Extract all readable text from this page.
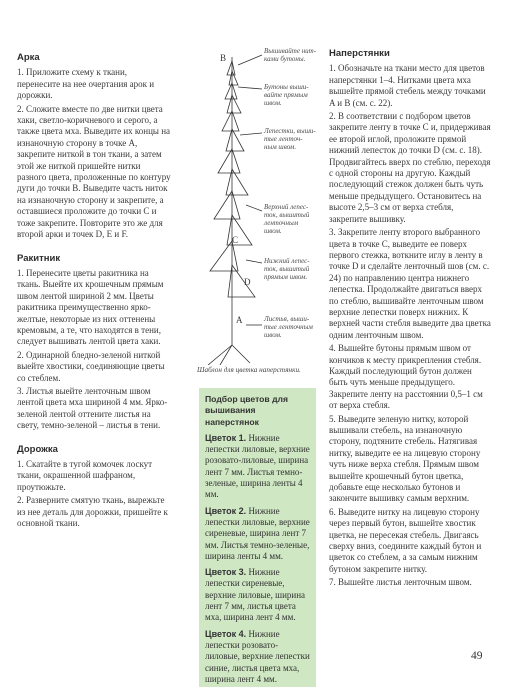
Арка

1. Приложите схему к ткани, перенесите на нее очертания арок и дорожки.

2. Сложите вместе по две нитки цвета хаки, светло-коричневого и серого, а также цвета мха. Выведите их концы на изнаночную сторону в точке A, закрепите ниткой в тон ткани, а затем этой же ниткой пришейте нитки разного цвета, проложенные по контуру дуги до точки B. Выведите часть ниток на изнаночную сторону и закрепите, а оставшиеся проложите до точки C и тоже закрепите. Повторите это же для второй арки и точек D, E и F.

Ракитник

1. Перенесите цветы ракитника на ткань. Выейте их крошечным прямым швом лентой шириной 2 мм. Цветы ракитника преимущественно ярко-желтые, некоторые из них оттенены кремовым, а те, что находятся в тени, следует вышивать лентой цвета хаки.

2. Одинарной бледно-зеленой ниткой выейте хвостики, соединяющие цветы со стеблем.

3. Листья выейте ленточным швом лентой цвета мха шириной 4 мм. Ярко-зеленой лентой оттените листья на свету, темно-зеленой – листья в тени.

Дорожка

1. Скатайте в тугой комочек лоскут ткани, окрашенной шафраном, проутюжьте.

2. Разверните смятую ткань, вырежьте из нее деталь для дорожки, пришейте к основной ткани.

B
C
D
A
Вышивайте нит-
ками бутоны.
Бутоны выши-
вайте прямым
швом.
Лепестки, выши-
тые ленточ-
ным швом.
Верхний лепес-
ток, вышитый
ленточным
швом.
Нижний лепес-
ток, вышитый
прямым швом.
Листья, выши-
тые ленточным
швом.
Шаблон для цветка наперстянки.
Подбор цветов для вышивания наперстянок
Цветок 1. Нижние лепестки лиловые, верхние розовато-лиловые, ширина лент 7 мм. Листья темно-зеленые, ширина ленты 4 мм.
Цветок 2. Нижние лепестки лиловые, верхние сиреневые, ширина лент 7 мм. Листья темно-зеленые, ширина ленты 4 мм.
Цветок 3. Нижние лепестки сиреневые, верхние лиловые, ширина лент 7 мм, листья цвета мха, ширина лент 4 мм.
Цветок 4. Нижние лепестки розовато-лиловые, верхние лепестки синие, листья цвета мха, ширина лент 4 мм.
Наперстянки

1. Обозначьте на ткани место для цветов наперстянки 1–4. Нитками цвета мха вышейте прямой стебель между точками A и B (см. с. 22).

2. В соответствии с подбором цветов закрепите ленту в точке C и, придерживая ее второй иглой, проложите прямой нижний лепесток до точки D (см. с. 18). Продвигайтесь вверх по стеблю, переходя с одной стороны на другую. Каждый последующий стежок должен быть чуть меньше предыдущего. Остановитесь на высоте 2,5–3 см от верха стебля, закрепите вышивку.

3. Закрепите ленту второго выбранного цвета в точке C, выведите ее поверх первого стежка, воткните иглу в ленту в точке D и сделайте ленточный шов (см. с. 24) по направлению центра нижнего лепестка. Продолжайте двигаться вверх по стеблю, вышивайте ленточным швом верхние лепестки поверх нижних. К верхней части стебля выведите два цветка одним ленточным швом.

4. Вышейте бутоны прямым швом от кончиков к месту прикрепления стебля. Каждый последующий бутон должен быть чуть меньше предыдущего. Закрепите ленту на расстоянии 0,5–1 см от верха стебля.

5. Выведите зеленую нитку, которой вышивали стебель, на изнаночную сторону, подтяните стебель. Натягивая нитку, выведите ее на лицевую сторону чуть ниже верха стебля. Прямым швом вышейте крошечный бутон цветка, добавьте еще несколько бутонов и закончите вышивку самым верхним.

6. Выведите нитку на лицевую сторону через первый бутон, вышейте хвостик цветка, не пересекая стебель. Двигаясь сверху вниз, соедините каждый бутон и цветок со стеблем, а за самым нижним бутоном закрепите нитку.

7. Вышейте листья ленточным швом.

49
